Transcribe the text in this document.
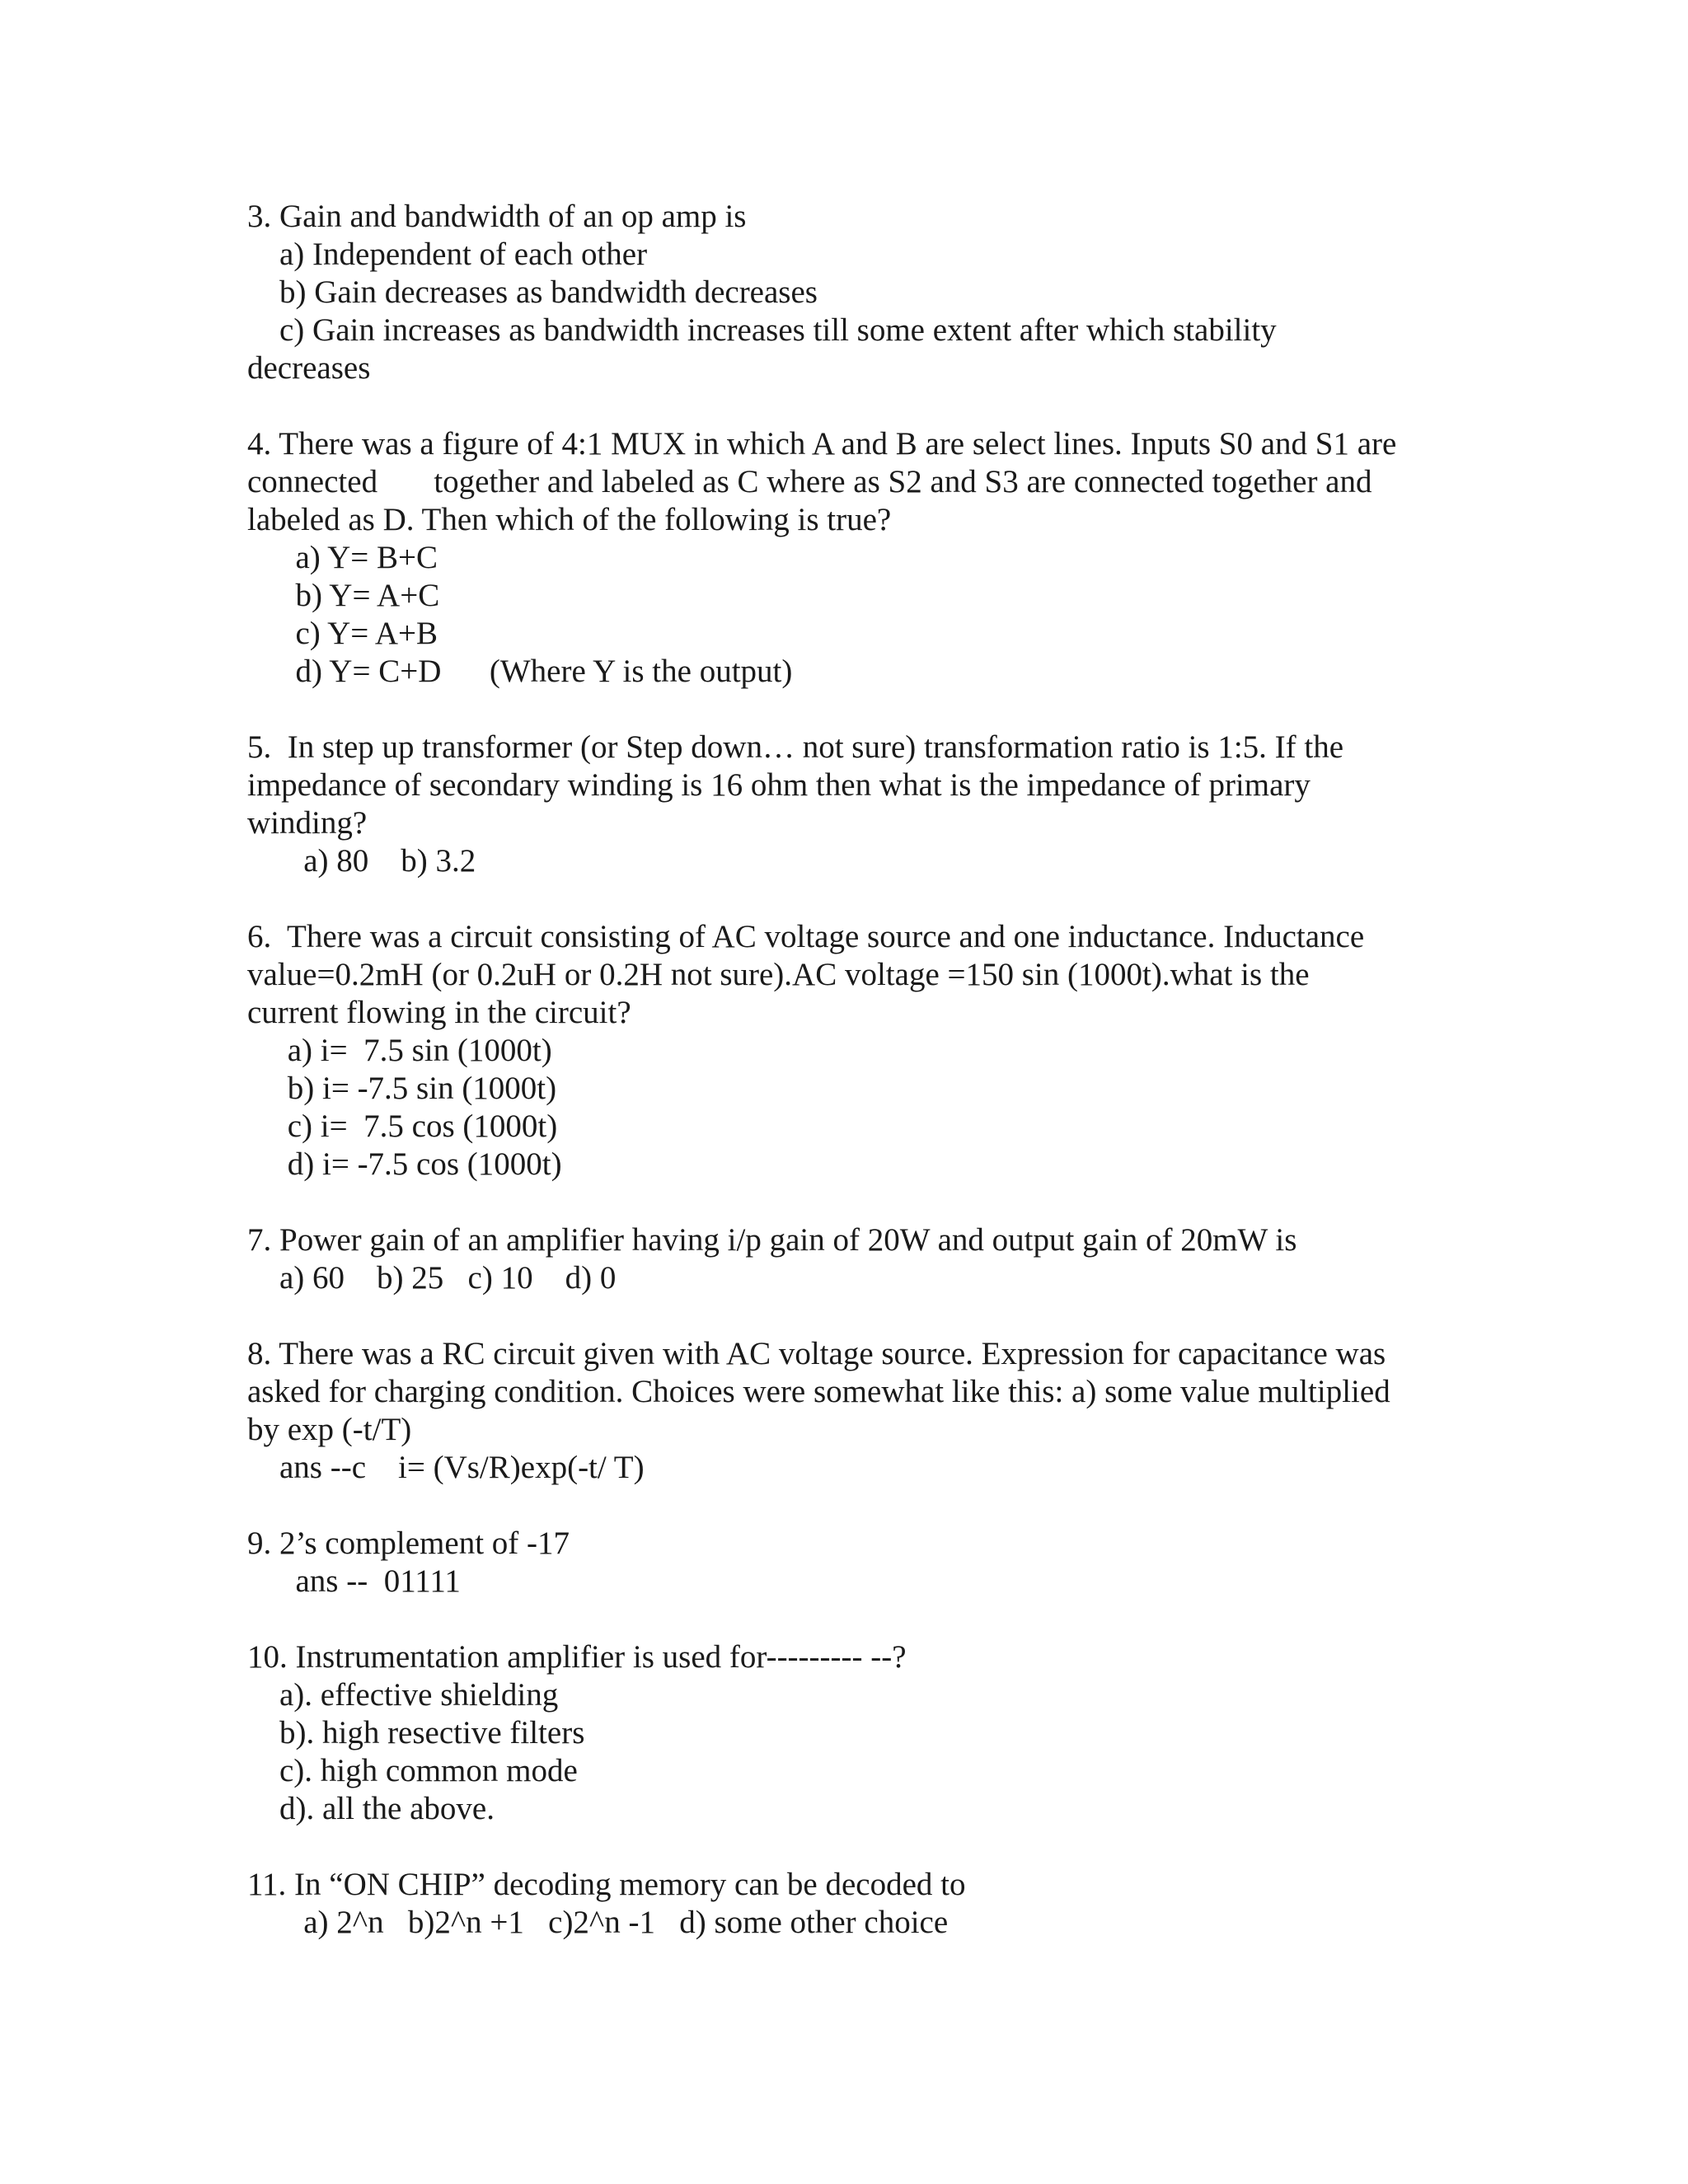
3. Gain and bandwidth of an op amp is

a) Independent of each other

b) Gain decreases as bandwidth decreases

c) Gain increases as bandwidth increases till some extent after which stability

decreases

4. There was a figure of 4:1 MUX in which A and B are select lines. Inputs S0 and S1 are

connected       together and labeled as C where as S2 and S3 are connected together and

labeled as D. Then which of the following is true?

a) Y= B+C

b) Y= A+C

c) Y= A+B

d) Y= C+D      (Where Y is the output)

5.  In step up transformer (or Step down… not sure) transformation ratio is 1:5. If the

impedance of secondary winding is 16 ohm then what is the impedance of primary

winding?

a) 80    b) 3.2

6.  There was a circuit consisting of AC voltage source and one inductance. Inductance

value=0.2mH (or 0.2uH or 0.2H not sure).AC voltage =150 sin (1000t).what is the

current flowing in the circuit?

a) i=  7.5 sin (1000t)

b) i= -7.5 sin (1000t)

c) i=  7.5 cos (1000t)

d) i= -7.5 cos (1000t)

7. Power gain of an amplifier having i/p gain of 20W and output gain of 20mW is

a) 60    b) 25   c) 10    d) 0

8. There was a RC circuit given with AC voltage source. Expression for capacitance was

asked for charging condition. Choices were somewhat like this: a) some value multiplied

by exp (-t/T)

ans --c    i= (Vs/R)exp(-t/ T)

9. 2’s complement of -17

ans --  01111

10. Instrumentation amplifier is used for--------- --?

a). effective shielding

b). high resective filters

c). high common mode

d). all the above.

11. In “ON CHIP” decoding memory can be decoded to

a) 2^n   b)2^n +1   c)2^n -1   d) some other choice
